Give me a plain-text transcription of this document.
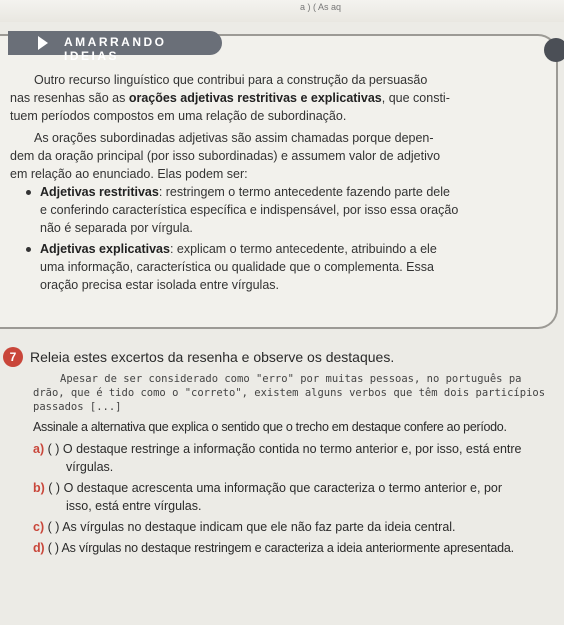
a ) ( As aq
AMARRANDO IDEIAS
Outro recurso linguístico que contribui para a construção da persuasão
nas resenhas são as orações adjetivas restritivas e explicativas, que consti-
tuem períodos compostos em uma relação de subordinação.
As orações subordinadas adjetivas são assim chamadas porque depen-
dem da oração principal (por isso subordinadas) e assumem valor de adjetivo
em relação ao enunciado. Elas podem ser:
Adjetivas restritivas: restringem o termo antecedente fazendo parte dele
e conferindo característica específica e indispensável, por isso essa oração
não é separada por vírgula.
Adjetivas explicativas: explicam o termo antecedente, atribuindo a ele
uma informação, característica ou qualidade que o complementa. Essa
oração precisa estar isolada entre vírgulas.
7 Releia estes excertos da resenha e observe os destaques.
Apesar de ser considerado como "erro" por muitas pessoas, no português pa
drão, que é tido como o "correto", existem alguns verbos que têm dois particípios
passados [...]
Assinale a alternativa que explica o sentido que o trecho em destaque confere ao período.
a) ( ) O destaque restringe a informação contida no termo anterior e, por isso, está entre
vírgulas.
b) ( ) O destaque acrescenta uma informação que caracteriza o termo anterior e, por
isso, está entre vírgulas.
c) ( ) As vírgulas no destaque indicam que ele não faz parte da ideia central.
d) ( ) As vírgulas no destaque restringem e caracteriza a ideia anteriormente apresentada.
